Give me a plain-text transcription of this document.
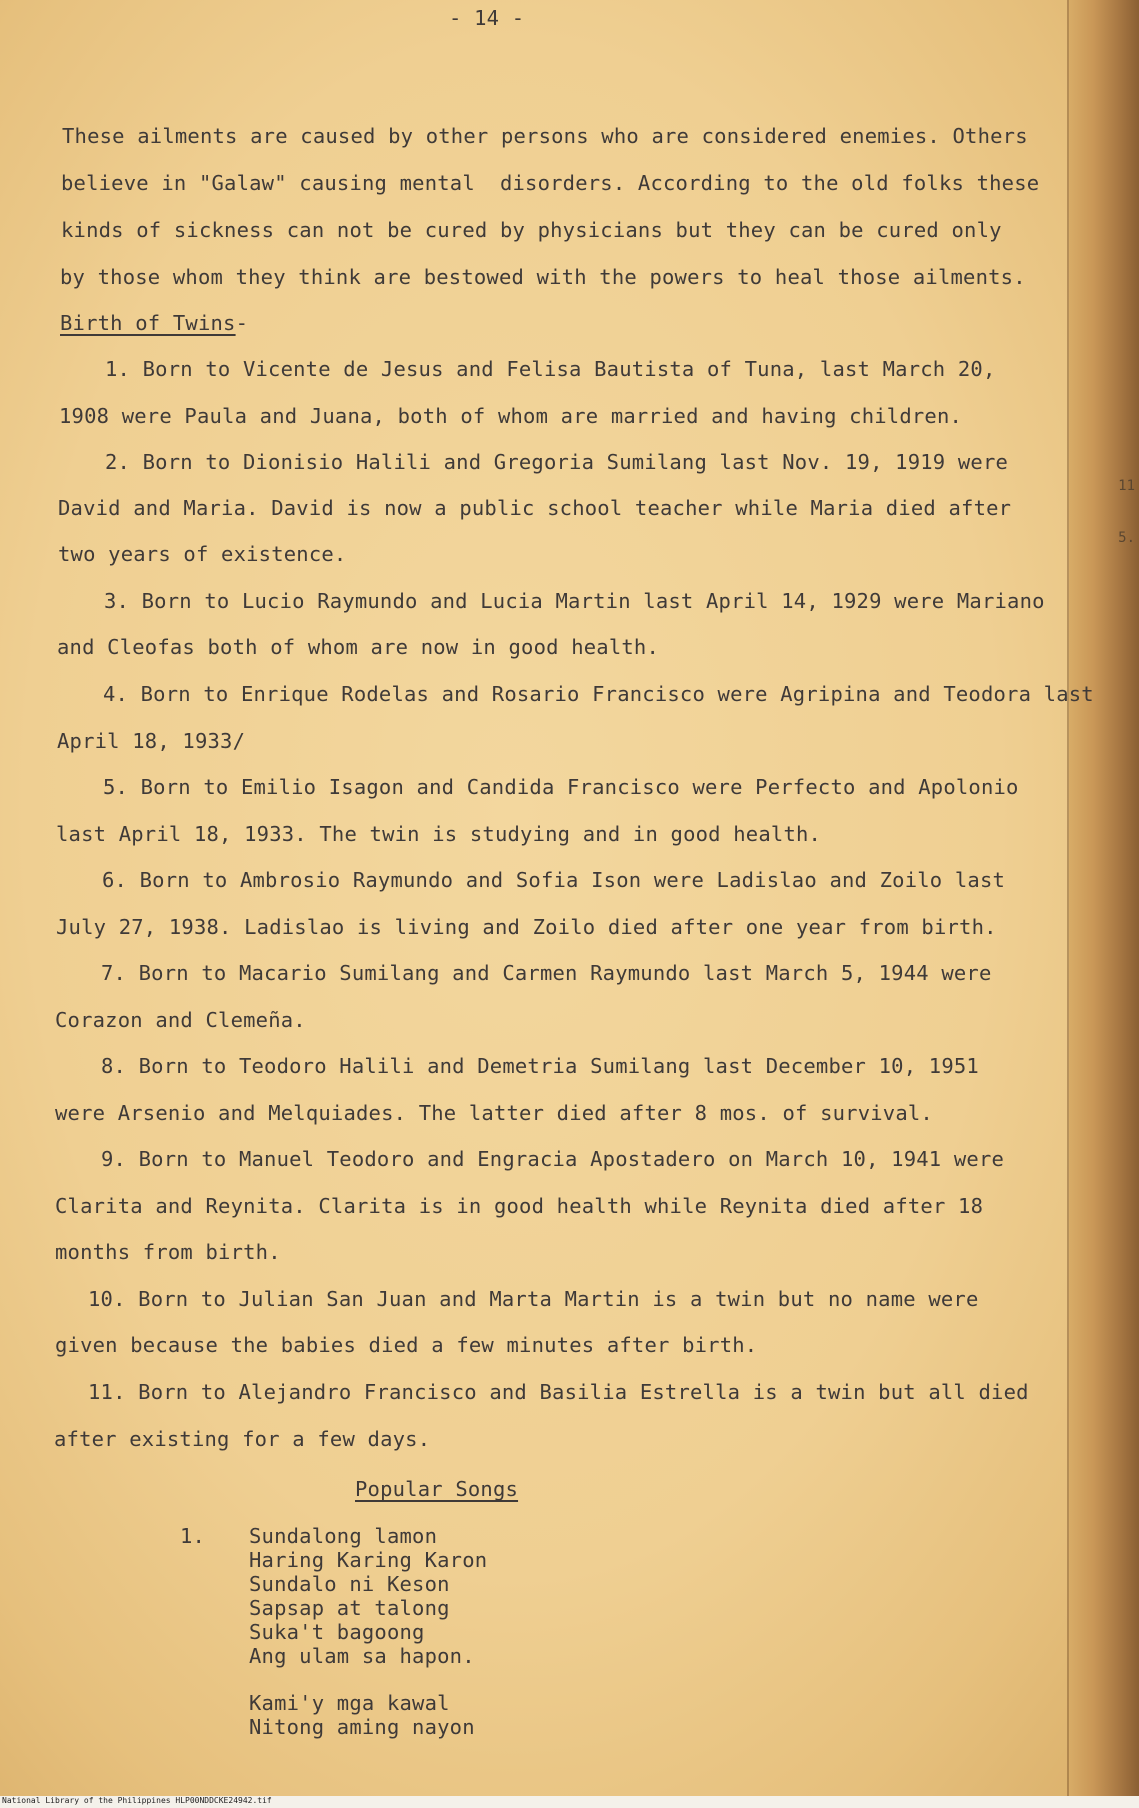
11
5.

- 14 -

These ailments are caused by other persons who are considered enemies. Others

believe in "Galaw" causing mental  disorders. According to the old folks these

kinds of sickness can not be cured by physicians but they can be cured only

by those whom they think are bestowed with the powers to heal those ailments.

Birth of Twins-

1. Born to Vicente de Jesus and Felisa Bautista of Tuna, last March 20,

1908 were Paula and Juana, both of whom are married and having children.

2. Born to Dionisio Halili and Gregoria Sumilang last Nov. 19, 1919 were

David and Maria. David is now a public school teacher while Maria died after

two years of existence.

3. Born to Lucio Raymundo and Lucia Martin last April 14, 1929 were Mariano

and Cleofas both of whom are now in good health.

4. Born to Enrique Rodelas and Rosario Francisco were Agripina and Teodora last

April 18, 1933/

5. Born to Emilio Isagon and Candida Francisco were Perfecto and Apolonio

last April 18, 1933. The twin is studying and in good health.

6. Born to Ambrosio Raymundo and Sofia Ison were Ladislao and Zoilo last

July 27, 1938. Ladislao is living and Zoilo died after one year from birth.

7. Born to Macario Sumilang and Carmen Raymundo last March 5, 1944 were

Corazon and Clemeña.

8. Born to Teodoro Halili and Demetria Sumilang last December 10, 1951

were Arsenio and Melquiades. The latter died after 8 mos. of survival.

9. Born to Manuel Teodoro and Engracia Apostadero on March 10, 1941 were

Clarita and Reynita. Clarita is in good health while Reynita died after 18

months from birth.

10. Born to Julian San Juan and Marta Martin is a twin but no name were

given because the babies died a few minutes after birth.

11. Born to Alejandro Francisco and Basilia Estrella is a twin but all died

after existing for a few days.

Popular Songs

1.

Sundalong lamon

Haring Karing Karon

Sundalo ni Keson

Sapsap at talong

Suka't bagoong

Ang ulam sa hapon.

Kami'y mga kawal

Nitong aming nayon

National Library of the Philippines HLP00NDDCKE24942.tif
